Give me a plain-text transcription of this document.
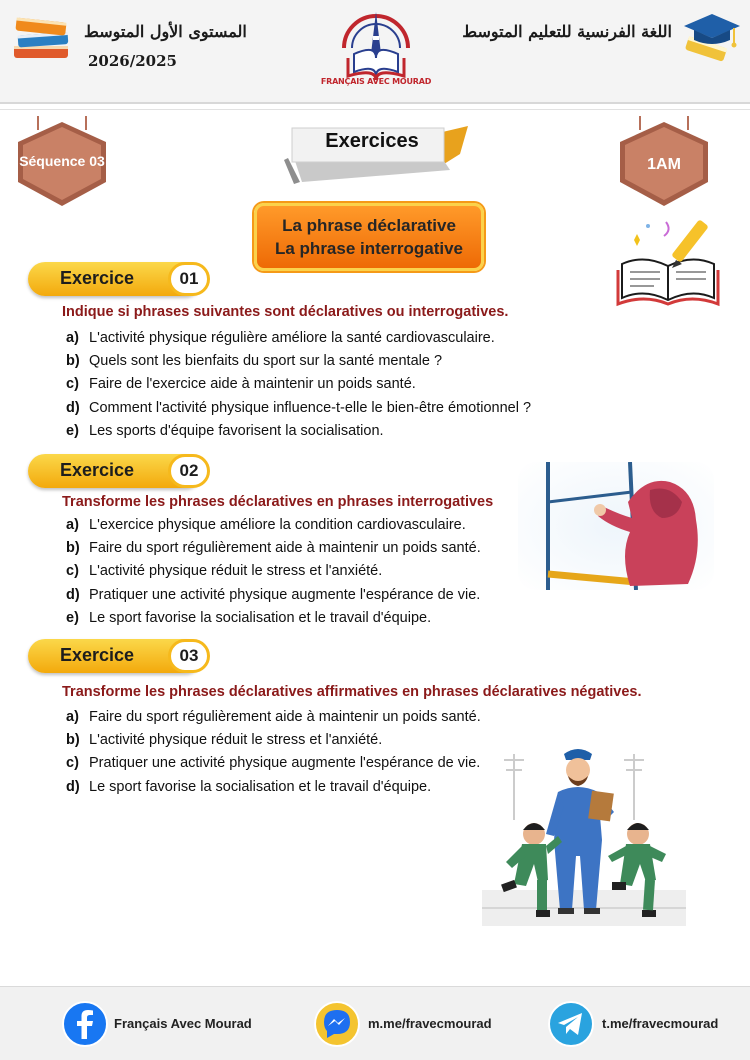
المستوى الأول المتوسط
2026/2025
FRANÇAIS AVEC MOURAD
اللغة الفرنسية للتعليم المتوسط
Séquence 03
Exercices
1AM
La phrase déclarative
La phrase interrogative
Exercice	01
Indique si phrases suivantes sont déclaratives ou interrogatives.
a) L'activité physique régulière améliore la santé cardiovasculaire.
b) Quels sont les bienfaits du sport sur la santé mentale ?
c) Faire de l'exercice aide à maintenir un poids santé.
d) Comment l'activité physique influence-t-elle le bien-être émotionnel ?
e) Les sports d'équipe favorisent la socialisation.
Exercice	02
Transforme les phrases déclaratives en phrases interrogatives
a) L'exercice physique améliore la condition cardiovasculaire.
b) Faire du sport régulièrement aide à maintenir un poids santé.
c) L'activité physique réduit le stress et l'anxiété.
d) Pratiquer une activité physique augmente l'espérance de vie.
e) Le sport favorise la socialisation et le travail d'équipe.
Exercice	03
Transforme les phrases déclaratives affirmatives en phrases déclaratives négatives.
a) Faire du sport régulièrement aide à maintenir un poids santé.
b) L'activité physique réduit le stress et l'anxiété.
c) Pratiquer une activité physique augmente l'espérance de vie.
d) Le sport favorise la socialisation et le travail d'équipe.
Français Avec Mourad	m.me/fravecmourad	t.me/fravecmourad
